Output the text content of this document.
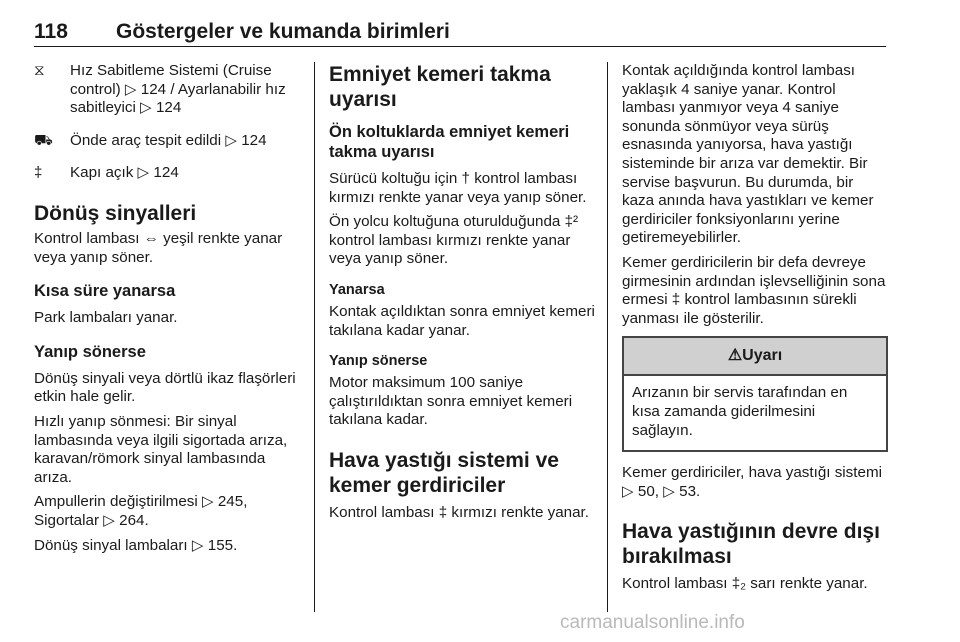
118 Göstergeler ve kumanda birimleri
⧖ Hız Sabitleme Sistemi (Cruise control) ▷ 124 / Ayarlanabilir hız sabitleyici ▷ 124

⛟ Önde araç tespit edildi ▷ 124

‡ Kapı açık ▷ 124

Dönüş sinyalleri

Kontrol lambası ⇔ yeşil renkte yanar veya yanıp söner.

Kısa süre yanarsa

Park lambaları yanar.

Yanıp sönerse

Dönüş sinyali veya dörtlü ikaz flaşörleri etkin hale gelir.

Hızlı yanıp sönmesi: Bir sinyal lambasında veya ilgili sigortada arıza, karavan/römork sinyal lambasında arıza.

Ampullerin değiştirilmesi ▷ 245, Sigortalar ▷ 264.

Dönüş sinyal lambaları ▷ 155.

Emniyet kemeri takma uyarısı
Ön koltuklarda emniyet kemeri takma uyarısı

Sürücü koltuğu için † kontrol lambası kırmızı renkte yanar veya yanıp söner.

Ön yolcu koltuğuna oturulduğunda ‡² kontrol lambası kırmızı renkte yanar veya yanıp söner.

Yanarsa

Kontak açıldıktan sonra emniyet kemeri takılana kadar yanar.

Yanıp sönerse

Motor maksimum 100 saniye çalıştırıldıktan sonra emniyet kemeri takılana kadar.

Hava yastığı sistemi ve kemer gerdiriciler

Kontrol lambası ‡ kırmızı renkte yanar.

Kontak açıldığında kontrol lambası yaklaşık 4 saniye yanar. Kontrol lambası yanmıyor veya 4 saniye sonunda sönmüyor veya sürüş esnasında yanıyorsa, hava yastığı sisteminde bir arıza var demektir. Bir servise başvurun. Bu durumda, bir kaza anında hava yastıkları ve kemer gerdiriciler fonksiyonlarını yerine getiremeyebilirler.

Kemer gerdiricilerin bir defa devreye girmesinin ardından işlevselliğinin sona ermesi ‡ kontrol lambasının sürekli yanması ile gösterilir.

⚠Uyarı

Arızanın bir servis tarafından en kısa zamanda giderilmesini sağlayın.

Kemer gerdiriciler, hava yastığı sistemi ▷ 50, ▷ 53.

Hava yastığının devre dışı bırakılması

Kontrol lambası ‡₂ sarı renkte yanar.

carmanualsonline.info
